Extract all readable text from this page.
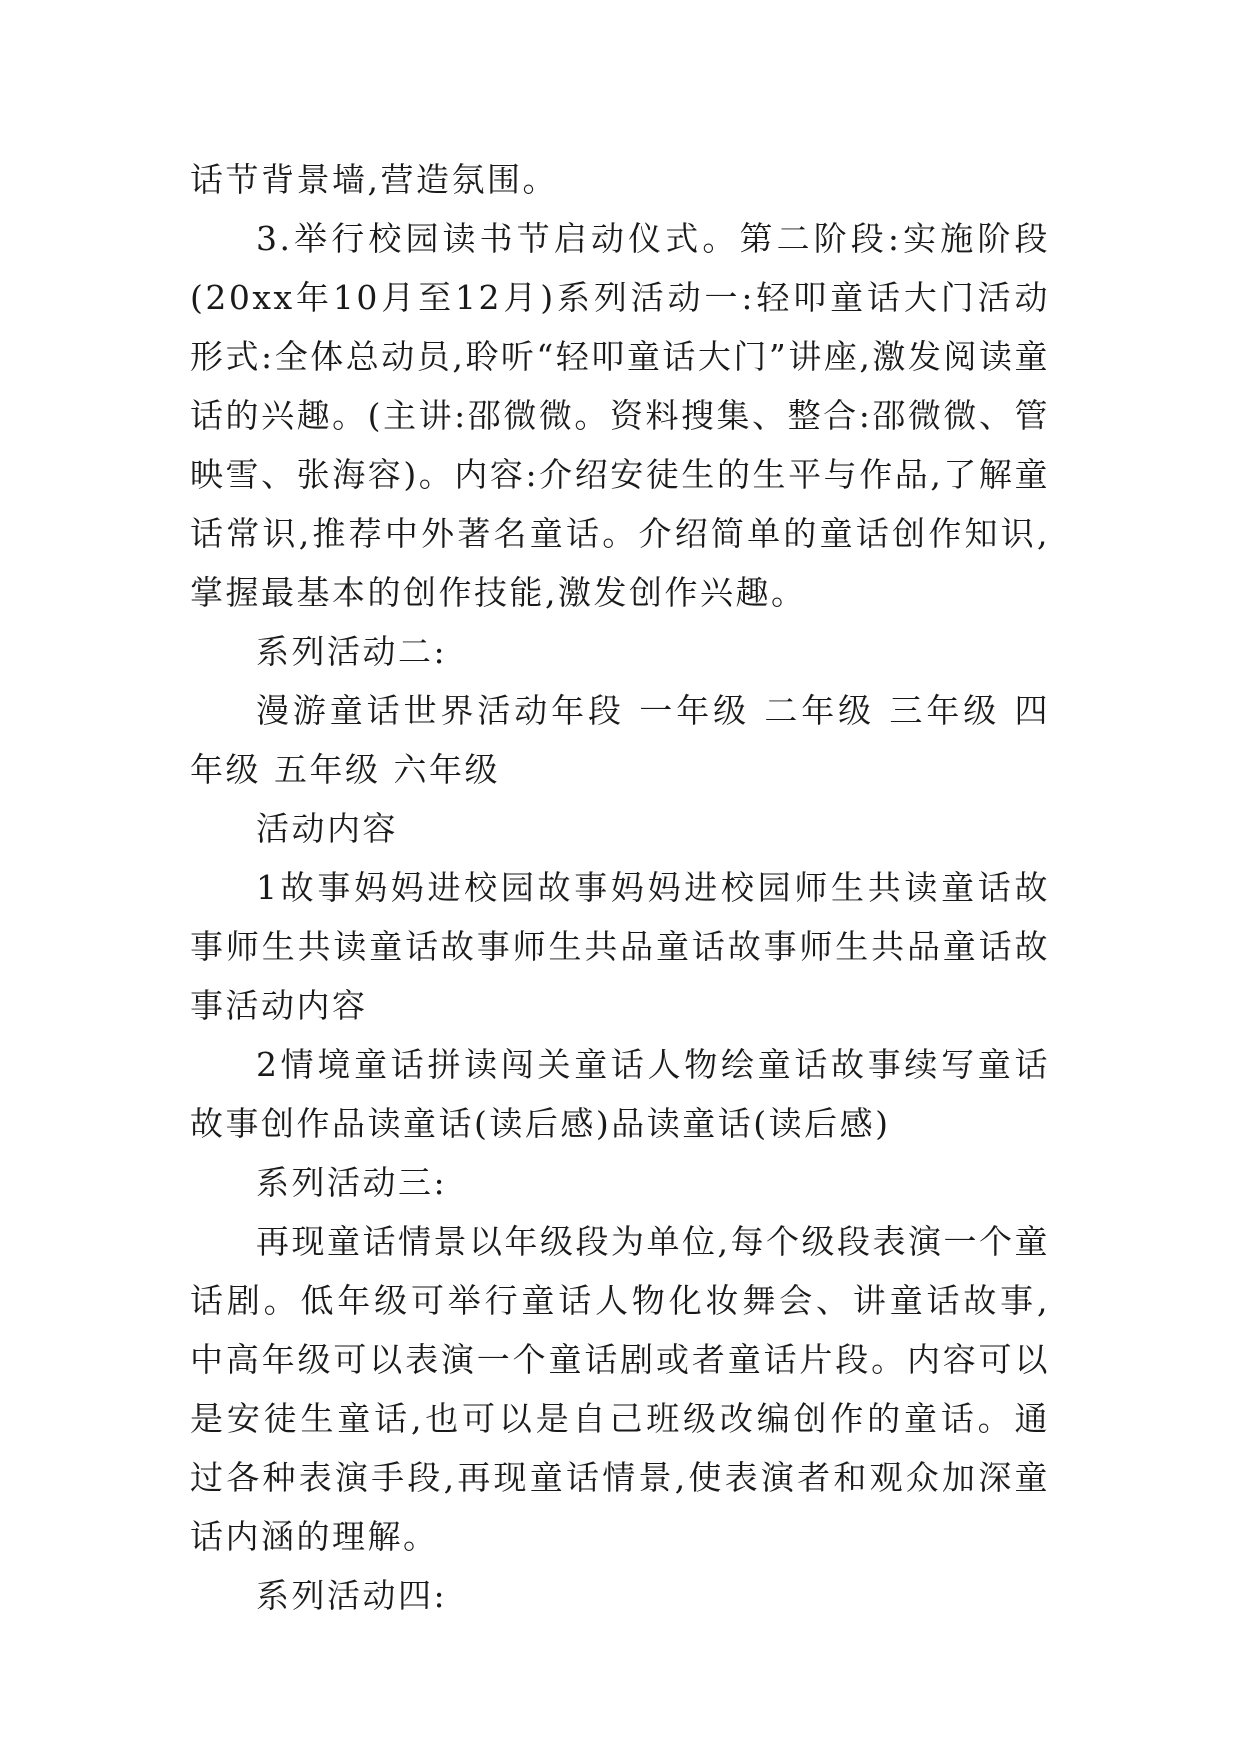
话节背景墙,营造氛围。

3.举行校园读书节启动仪式。第二阶段:实施阶段(20xx年10月至12月)系列活动一:轻叩童话大门活动形式:全体总动员,聆听“轻叩童话大门”讲座,激发阅读童话的兴趣。(主讲:邵微微。资料搜集、整合:邵微微、管映雪、张海容)。内容:介绍安徒生的生平与作品,了解童话常识,推荐中外著名童话。介绍简单的童话创作知识,掌握最基本的创作技能,激发创作兴趣。

系列活动二:

漫游童话世界活动年段 一年级 二年级 三年级 四年级 五年级 六年级

活动内容

1故事妈妈进校园故事妈妈进校园师生共读童话故事师生共读童话故事师生共品童话故事师生共品童话故事活动内容

2情境童话拼读闯关童话人物绘童话故事续写童话故事创作品读童话(读后感)品读童话(读后感)

系列活动三:

再现童话情景以年级段为单位,每个级段表演一个童话剧。低年级可举行童话人物化妆舞会、讲童话故事,中高年级可以表演一个童话剧或者童话片段。内容可以是安徒生童话,也可以是自己班级改编创作的童话。通过各种表演手段,再现童话情景,使表演者和观众加深童话内涵的理解。

系列活动四:
